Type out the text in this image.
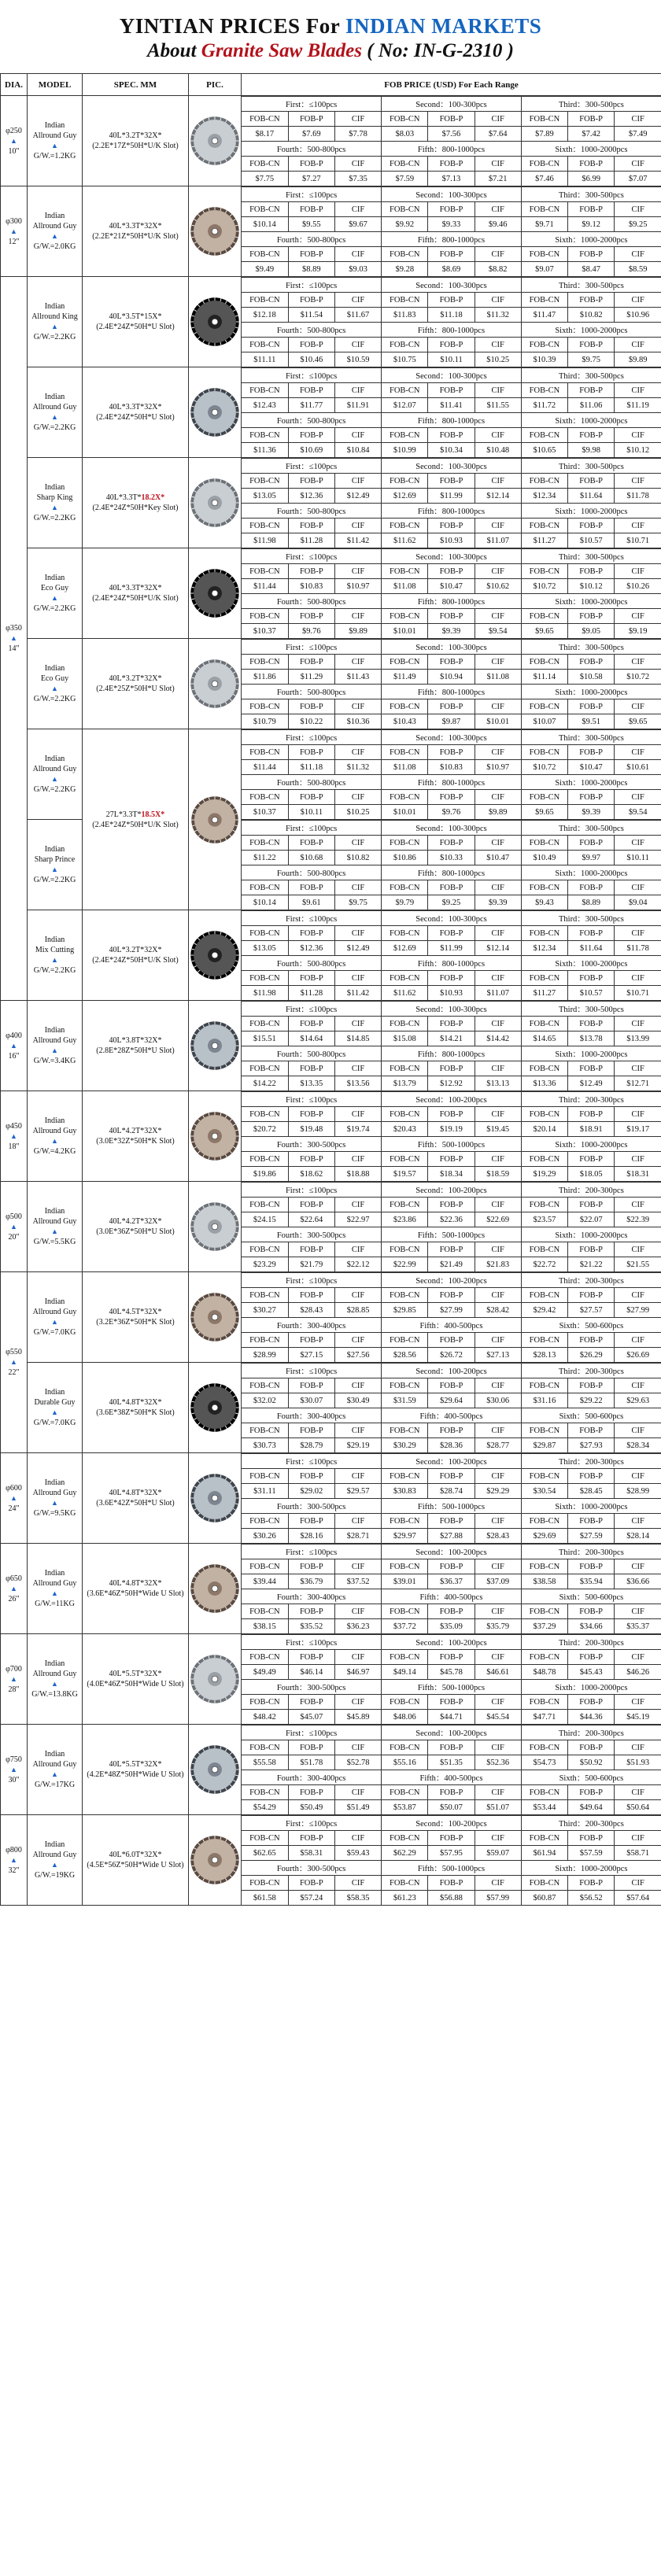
YINTIAN PRICES For INDIAN MARKETS
About Granite Saw Blades ( No: IN-G-2310 )
DIA.	MODEL	SPEC. MM	PIC.	FOB PRICE (USD) For Each Range
φ250
▲
10"	Indian
Allround Guy
▲
G/W.=1.2KG	40L*3.2T*32X*
(2.2E*17Z*50H*U/K Slot)	

First：≤100pcs	Second：100-300pcs	Third：300-500pcs
FOB-CN	FOB-P	CIF	FOB-CN	FOB-P	CIF	FOB-CN	FOB-P	CIF
$8.17	$7.69	$7.78	$8.03	$7.56	$7.64	$7.89	$7.42	$7.49
Fourth：500-800pcs	Fifth：800-1000pcs	Sixth：1000-2000pcs
FOB-CN	FOB-P	CIF	FOB-CN	FOB-P	CIF	FOB-CN	FOB-P	CIF
$7.75	$7.27	$7.35	$7.59	$7.13	$7.21	$7.46	$6.99	$7.07

φ300
▲
12"	Indian
Allround Guy
▲
G/W.=2.0KG	40L*3.3T*32X*
(2.2E*21Z*50H*U/K Slot)	

First：≤100pcs	Second：100-300pcs	Third：300-500pcs
FOB-CN	FOB-P	CIF	FOB-CN	FOB-P	CIF	FOB-CN	FOB-P	CIF
$10.14	$9.55	$9.67	$9.92	$9.33	$9.46	$9.71	$9.12	$9.25
Fourth：500-800pcs	Fifth：800-1000pcs	Sixth：1000-2000pcs
FOB-CN	FOB-P	CIF	FOB-CN	FOB-P	CIF	FOB-CN	FOB-P	CIF
$9.49	$8.89	$9.03	$9.28	$8.69	$8.82	$9.07	$8.47	$8.59

φ350
▲
14"	Indian
Allround King
▲
G/W.=2.2KG	40L*3.5T*15X*
(2.4E*24Z*50H*U Slot)	

First：≤100pcs	Second：100-300pcs	Third：300-500pcs
FOB-CN	FOB-P	CIF	FOB-CN	FOB-P	CIF	FOB-CN	FOB-P	CIF
$12.18	$11.54	$11.67	$11.83	$11.18	$11.32	$11.47	$10.82	$10.96
Fourth：500-800pcs	Fifth：800-1000pcs	Sixth：1000-2000pcs
FOB-CN	FOB-P	CIF	FOB-CN	FOB-P	CIF	FOB-CN	FOB-P	CIF
$11.11	$10.46	$10.59	$10.75	$10.11	$10.25	$10.39	$9.75	$9.89

Indian
Allround Guy
▲
G/W.=2.2KG	40L*3.3T*32X*
(2.4E*24Z*50H*U Slot)	

First：≤100pcs	Second：100-300pcs	Third：300-500pcs
FOB-CN	FOB-P	CIF	FOB-CN	FOB-P	CIF	FOB-CN	FOB-P	CIF
$12.43	$11.77	$11.91	$12.07	$11.41	$11.55	$11.72	$11.06	$11.19
Fourth：500-800pcs	Fifth：800-1000pcs	Sixth：1000-2000pcs
FOB-CN	FOB-P	CIF	FOB-CN	FOB-P	CIF	FOB-CN	FOB-P	CIF
$11.36	$10.69	$10.84	$10.99	$10.34	$10.48	$10.65	$9.98	$10.12

Indian
Sharp King
▲
G/W.=2.2KG	40L*3.3T*18.2X*
(2.4E*24Z*50H*Key Slot)	

First：≤100pcs	Second：100-300pcs	Third：300-500pcs
FOB-CN	FOB-P	CIF	FOB-CN	FOB-P	CIF	FOB-CN	FOB-P	CIF
$13.05	$12.36	$12.49	$12.69	$11.99	$12.14	$12.34	$11.64	$11.78
Fourth：500-800pcs	Fifth：800-1000pcs	Sixth：1000-2000pcs
FOB-CN	FOB-P	CIF	FOB-CN	FOB-P	CIF	FOB-CN	FOB-P	CIF
$11.98	$11.28	$11.42	$11.62	$10.93	$11.07	$11.27	$10.57	$10.71

Indian
Eco Guy
▲
G/W.=2.2KG	40L*3.3T*32X*
(2.4E*24Z*50H*U/K Slot)	

First：≤100pcs	Second：100-300pcs	Third：300-500pcs
FOB-CN	FOB-P	CIF	FOB-CN	FOB-P	CIF	FOB-CN	FOB-P	CIF
$11.44	$10.83	$10.97	$11.08	$10.47	$10.62	$10.72	$10.12	$10.26
Fourth：500-800pcs	Fifth：800-1000pcs	Sixth：1000-2000pcs
FOB-CN	FOB-P	CIF	FOB-CN	FOB-P	CIF	FOB-CN	FOB-P	CIF
$10.37	$9.76	$9.89	$10.01	$9.39	$9.54	$9.65	$9.05	$9.19

Indian
Eco Guy
▲
G/W.=2.2KG	40L*3.2T*32X*
(2.4E*25Z*50H*U Slot)	

First：≤100pcs	Second：100-300pcs	Third：300-500pcs
FOB-CN	FOB-P	CIF	FOB-CN	FOB-P	CIF	FOB-CN	FOB-P	CIF
$11.86	$11.29	$11.43	$11.49	$10.94	$11.08	$11.14	$10.58	$10.72
Fourth：500-800pcs	Fifth：800-1000pcs	Sixth：1000-2000pcs
FOB-CN	FOB-P	CIF	FOB-CN	FOB-P	CIF	FOB-CN	FOB-P	CIF
$10.79	$10.22	$10.36	$10.43	$9.87	$10.01	$10.07	$9.51	$9.65

Indian
Allround Guy
▲
G/W.=2.2KG	27L*3.3T*18.5X*
(2.4E*24Z*50H*U/K Slot)	

First：≤100pcs	Second：100-300pcs	Third：300-500pcs
FOB-CN	FOB-P	CIF	FOB-CN	FOB-P	CIF	FOB-CN	FOB-P	CIF
$11.44	$11.18	$11.32	$11.08	$10.83	$10.97	$10.72	$10.47	$10.61
Fourth：500-800pcs	Fifth：800-1000pcs	Sixth：1000-2000pcs
FOB-CN	FOB-P	CIF	FOB-CN	FOB-P	CIF	FOB-CN	FOB-P	CIF
$10.37	$10.11	$10.25	$10.01	$9.76	$9.89	$9.65	$9.39	$9.54

Indian
Sharp Prince
▲
G/W.=2.2KG	
First：≤100pcs	Second：100-300pcs	Third：300-500pcs
FOB-CN	FOB-P	CIF	FOB-CN	FOB-P	CIF	FOB-CN	FOB-P	CIF
$11.22	$10.68	$10.82	$10.86	$10.33	$10.47	$10.49	$9.97	$10.11
Fourth：500-800pcs	Fifth：800-1000pcs	Sixth：1000-2000pcs
FOB-CN	FOB-P	CIF	FOB-CN	FOB-P	CIF	FOB-CN	FOB-P	CIF
$10.14	$9.61	$9.75	$9.79	$9.25	$9.39	$9.43	$8.89	$9.04

Indian
Mix Cutting
▲
G/W.=2.2KG	40L*3.2T*32X*
(2.4E*24Z*50H*U/K Slot)	

First：≤100pcs	Second：100-300pcs	Third：300-500pcs
FOB-CN	FOB-P	CIF	FOB-CN	FOB-P	CIF	FOB-CN	FOB-P	CIF
$13.05	$12.36	$12.49	$12.69	$11.99	$12.14	$12.34	$11.64	$11.78
Fourth：500-800pcs	Fifth：800-1000pcs	Sixth：1000-2000pcs
FOB-CN	FOB-P	CIF	FOB-CN	FOB-P	CIF	FOB-CN	FOB-P	CIF
$11.98	$11.28	$11.42	$11.62	$10.93	$11.07	$11.27	$10.57	$10.71

φ400
▲
16"	Indian
Allround Guy
▲
G/W.=3.4KG	40L*3.8T*32X*
(2.8E*28Z*50H*U Slot)	

First：≤100pcs	Second：100-300pcs	Third：300-500pcs
FOB-CN	FOB-P	CIF	FOB-CN	FOB-P	CIF	FOB-CN	FOB-P	CIF
$15.51	$14.64	$14.85	$15.08	$14.21	$14.42	$14.65	$13.78	$13.99
Fourth：500-800pcs	Fifth：800-1000pcs	Sixth：1000-2000pcs
FOB-CN	FOB-P	CIF	FOB-CN	FOB-P	CIF	FOB-CN	FOB-P	CIF
$14.22	$13.35	$13.56	$13.79	$12.92	$13.13	$13.36	$12.49	$12.71

φ450
▲
18"	Indian
Allround Guy
▲
G/W.=4.2KG	40L*4.2T*32X*
(3.0E*32Z*50H*K Slot)	

First：≤100pcs	Second：100-200pcs	Third：200-300pcs
FOB-CN	FOB-P	CIF	FOB-CN	FOB-P	CIF	FOB-CN	FOB-P	CIF
$20.72	$19.48	$19.74	$20.43	$19.19	$19.45	$20.14	$18.91	$19.17
Fourth：300-500pcs	Fifth：500-1000pcs	Sixth：1000-2000pcs
FOB-CN	FOB-P	CIF	FOB-CN	FOB-P	CIF	FOB-CN	FOB-P	CIF
$19.86	$18.62	$18.88	$19.57	$18.34	$18.59	$19.29	$18.05	$18.31

φ500
▲
20"	Indian
Allround Guy
▲
G/W.=5.5KG	40L*4.2T*32X*
(3.0E*36Z*50H*U Slot)	

First：≤100pcs	Second：100-200pcs	Third：200-300pcs
FOB-CN	FOB-P	CIF	FOB-CN	FOB-P	CIF	FOB-CN	FOB-P	CIF
$24.15	$22.64	$22.97	$23.86	$22.36	$22.69	$23.57	$22.07	$22.39
Fourth：300-500pcs	Fifth：500-1000pcs	Sixth：1000-2000pcs
FOB-CN	FOB-P	CIF	FOB-CN	FOB-P	CIF	FOB-CN	FOB-P	CIF
$23.29	$21.79	$22.12	$22.99	$21.49	$21.83	$22.72	$21.22	$21.55

φ550
▲
22"	Indian
Allround Guy
▲
G/W.=7.0KG	40L*4.5T*32X*
(3.2E*36Z*50H*K Slot)	

First：≤100pcs	Second：100-200pcs	Third：200-300pcs
FOB-CN	FOB-P	CIF	FOB-CN	FOB-P	CIF	FOB-CN	FOB-P	CIF
$30.27	$28.43	$28.85	$29.85	$27.99	$28.42	$29.42	$27.57	$27.99
Fourth：300-400pcs	Fifth：400-500pcs	Sixth：500-600pcs
FOB-CN	FOB-P	CIF	FOB-CN	FOB-P	CIF	FOB-CN	FOB-P	CIF
$28.99	$27.15	$27.56	$28.56	$26.72	$27.13	$28.13	$26.29	$26.69

Indian
Durable Guy
▲
G/W.=7.0KG	40L*4.8T*32X*
(3.6E*38Z*50H*K Slot)	

First：≤100pcs	Second：100-200pcs	Third：200-300pcs
FOB-CN	FOB-P	CIF	FOB-CN	FOB-P	CIF	FOB-CN	FOB-P	CIF
$32.02	$30.07	$30.49	$31.59	$29.64	$30.06	$31.16	$29.22	$29.63
Fourth：300-400pcs	Fifth：400-500pcs	Sixth：500-600pcs
FOB-CN	FOB-P	CIF	FOB-CN	FOB-P	CIF	FOB-CN	FOB-P	CIF
$30.73	$28.79	$29.19	$30.29	$28.36	$28.77	$29.87	$27.93	$28.34

φ600
▲
24"	Indian
Allround Guy
▲
G/W.=9.5KG	40L*4.8T*32X*
(3.6E*42Z*50H*U Slot)	

First：≤100pcs	Second：100-200pcs	Third：200-300pcs
FOB-CN	FOB-P	CIF	FOB-CN	FOB-P	CIF	FOB-CN	FOB-P	CIF
$31.11	$29.02	$29.57	$30.83	$28.74	$29.29	$30.54	$28.45	$28.99
Fourth：300-500pcs	Fifth：500-1000pcs	Sixth：1000-2000pcs
FOB-CN	FOB-P	CIF	FOB-CN	FOB-P	CIF	FOB-CN	FOB-P	CIF
$30.26	$28.16	$28.71	$29.97	$27.88	$28.43	$29.69	$27.59	$28.14

φ650
▲
26"	Indian
Allround Guy
▲
G/W.=11KG	40L*4.8T*32X*
(3.6E*46Z*50H*Wide U Slot)	

First：≤100pcs	Second：100-200pcs	Third：200-300pcs
FOB-CN	FOB-P	CIF	FOB-CN	FOB-P	CIF	FOB-CN	FOB-P	CIF
$39.44	$36.79	$37.52	$39.01	$36.37	$37.09	$38.58	$35.94	$36.66
Fourth：300-400pcs	Fifth：400-500pcs	Sixth：500-600pcs
FOB-CN	FOB-P	CIF	FOB-CN	FOB-P	CIF	FOB-CN	FOB-P	CIF
$38.15	$35.52	$36.23	$37.72	$35.09	$35.79	$37.29	$34.66	$35.37

φ700
▲
28"	Indian
Allround Guy
▲
G/W.=13.8KG	40L*5.5T*32X*
(4.0E*46Z*50H*Wide U Slot)	

First：≤100pcs	Second：100-200pcs	Third：200-300pcs
FOB-CN	FOB-P	CIF	FOB-CN	FOB-P	CIF	FOB-CN	FOB-P	CIF
$49.49	$46.14	$46.97	$49.14	$45.78	$46.61	$48.78	$45.43	$46.26
Fourth：300-500pcs	Fifth：500-1000pcs	Sixth：1000-2000pcs
FOB-CN	FOB-P	CIF	FOB-CN	FOB-P	CIF	FOB-CN	FOB-P	CIF
$48.42	$45.07	$45.89	$48.06	$44.71	$45.54	$47.71	$44.36	$45.19

φ750
▲
30"	Indian
Allround Guy
▲
G/W.=17KG	40L*5.5T*32X*
(4.2E*48Z*50H*Wide U Slot)	

First：≤100pcs	Second：100-200pcs	Third：200-300pcs
FOB-CN	FOB-P	CIF	FOB-CN	FOB-P	CIF	FOB-CN	FOB-P	CIF
$55.58	$51.78	$52.78	$55.16	$51.35	$52.36	$54.73	$50.92	$51.93
Fourth：300-400pcs	Fifth：400-500pcs	Sixth：500-600pcs
FOB-CN	FOB-P	CIF	FOB-CN	FOB-P	CIF	FOB-CN	FOB-P	CIF
$54.29	$50.49	$51.49	$53.87	$50.07	$51.07	$53.44	$49.64	$50.64

φ800
▲
32"	Indian
Allround Guy
▲
G/W.=19KG	40L*6.0T*32X*
(4.5E*56Z*50H*Wide U Slot)	

First：≤100pcs	Second：100-200pcs	Third：200-300pcs
FOB-CN	FOB-P	CIF	FOB-CN	FOB-P	CIF	FOB-CN	FOB-P	CIF
$62.65	$58.31	$59.43	$62.29	$57.95	$59.07	$61.94	$57.59	$58.71
Fourth：300-500pcs	Fifth：500-1000pcs	Sixth：1000-2000pcs
FOB-CN	FOB-P	CIF	FOB-CN	FOB-P	CIF	FOB-CN	FOB-P	CIF
$61.58	$57.24	$58.35	$61.23	$56.88	$57.99	$60.87	$56.52	$57.64
